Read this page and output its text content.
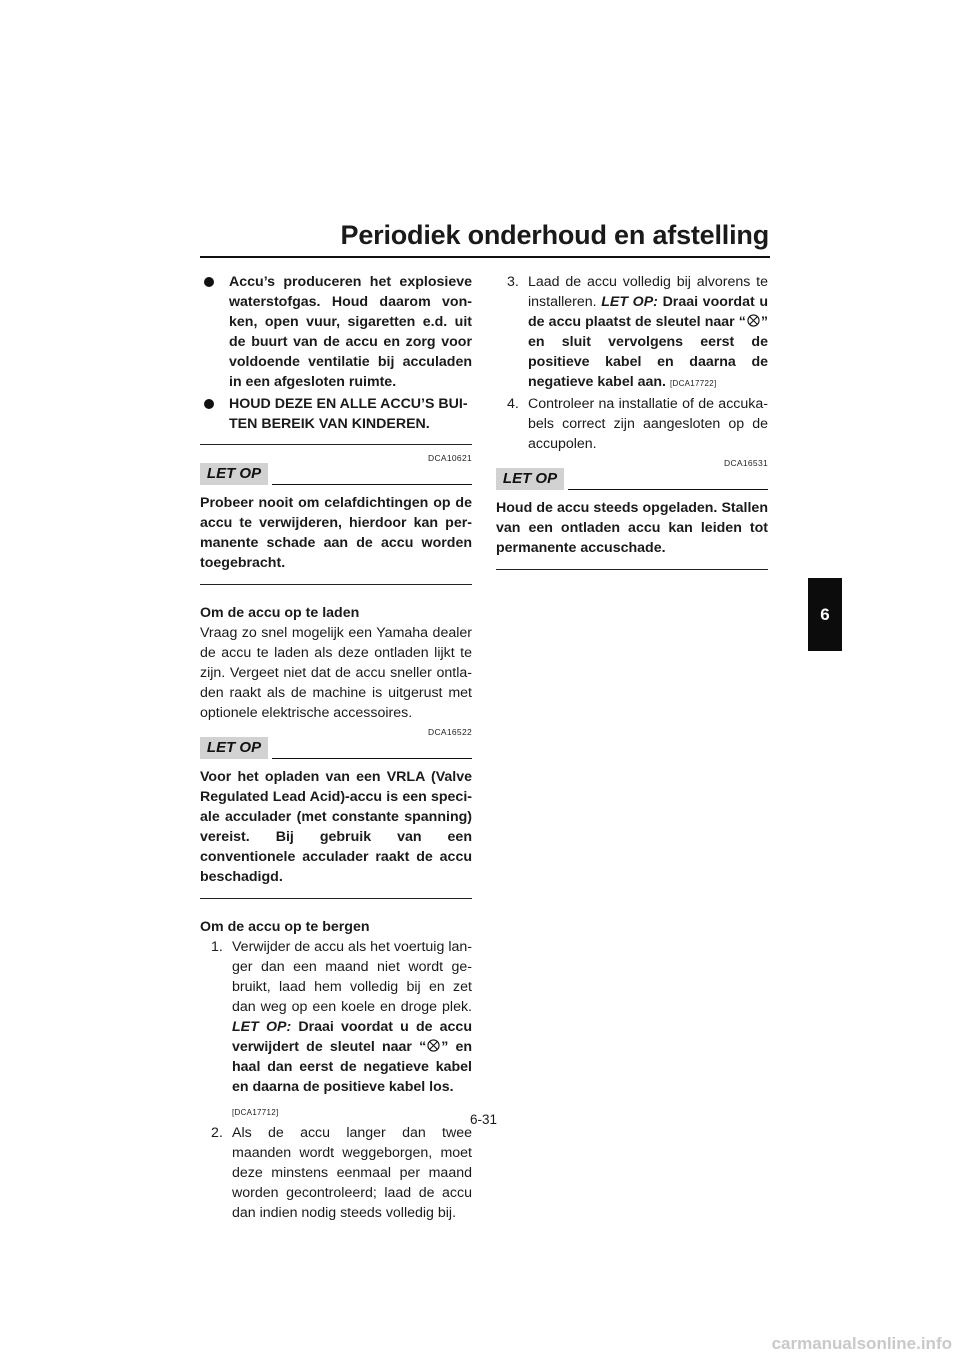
Periodiek onderhoud en afstelling
6

Accu’s produceren het explosieve waterstofgas. Houd daarom vonken, open vuur, sigaretten e.d. uit de buurt van de accu en zorg voor voldoende ventilatie bij acculaden in een afgesloten ruimte.

HOUD DEZE EN ALLE ACCU’S BUITEN BEREIK VAN KINDEREN.

DCA10621
LET OP

Probeer nooit om celafdichtingen op de accu te verwijderen, hierdoor kan permanente schade aan de accu worden toegebracht.

Om de accu op te laden

Vraag zo snel mogelijk een Yamaha dealer de accu te laden als deze ontladen lijkt te zijn. Vergeet niet dat de accu sneller ontladen raakt als de machine is uitgerust met optionele elektrische accessoires.

DCA16522
LET OP

Voor het opladen van een VRLA (Valve Regulated Lead Acid)-accu is een speciale acculader (met constante spanning) vereist. Bij gebruik van een conventionele acculader raakt de accu beschadigd.

Om de accu op te bergen

1. Verwijder de accu als het voertuig langer dan een maand niet wordt gebruikt, laad hem volledig bij en zet dan weg op een koele en droge plek. LET OP: Draai voordat u de accu verwijdert de sleutel naar “ ” en haal dan eerst de negatieve kabel en daarna de positieve kabel los.

[DCA17712]

2. Als de accu langer dan twee maanden wordt weggeborgen, moet deze minstens eenmaal per maand worden gecontroleerd; laad de accu dan indien nodig steeds volledig bij.

3. Laad de accu volledig bij alvorens te installeren. LET OP: Draai voordat u de accu plaatst de sleutel naar “ ” en sluit vervolgens eerst de positieve kabel en daarna de negatieve kabel aan. [DCA17722]

4. Controleer na installatie of de accukabels correct zijn aangesloten op de accupolen.

DCA16531
LET OP

Houd de accu steeds opgeladen. Stallen van een ontladen accu kan leiden tot permanente accuschade.

6-31
carmanualsonline.info
